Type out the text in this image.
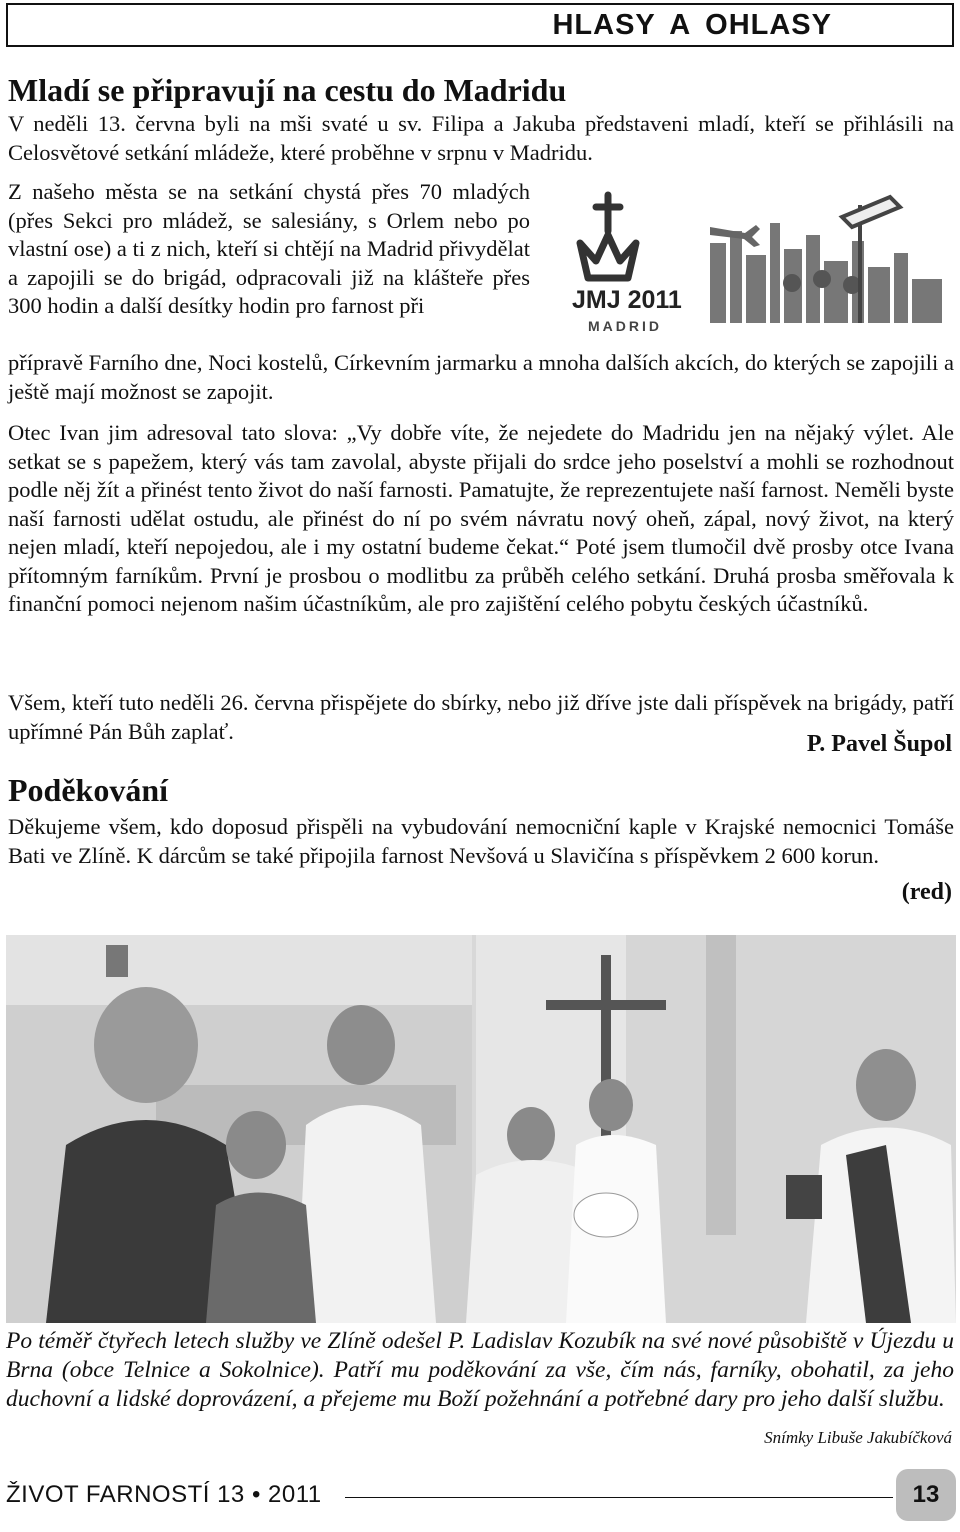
HLASY A OHLASY
Mladí se připravují na cestu do Madridu

V neděli 13. června byli na mši svaté u sv. Filipa a Jakuba představeni mladí, kteří se přihlásili na Celosvětové setkání mládeže, které proběhne v srpnu v Madridu.

Z našeho města se na setkání chystá přes 70 mladých (přes Sekci pro mládež, se salesiány, s Orlem nebo po vlastní ose) a ti z nich, kteří si chtějí na Madrid přivydělat a zapojili se do brigád, odpracovali již na klášteře přes 300 hodin a další desítky hodin pro farnost při	JMJ 2011
MADRID

přípravě Farního dne, Noci kostelů, Církevním jarmarku a mnoha dalších akcích, do kterých se zapojili a ještě mají možnost se zapojit.

Otec Ivan jim adresoval tato slova: „Vy dobře víte, že nejedete do Madridu jen na nějaký výlet. Ale setkat se s papežem, který vás tam zavolal, abyste přijali do srdce jeho poselství a mohli se rozhodnout podle něj žít a přinést tento život do naší farnosti. Pamatujte, že reprezentujete naší farnost. Neměli byste naší farnosti udělat ostudu, ale přinést do ní po svém návratu nový oheň, zápal, nový život, na který nejen mladí, kteří nepojedou, ale i my ostatní budeme čekat.“ Poté jsem tlumočil dvě prosby otce Ivana přítomným farníkům. První je prosbou o modlitbu za průběh celého setkání. Druhá prosba směřovala k finanční pomoci nejenom našim účastníkům, ale pro zajištění celého pobytu českých účastníků.

Všem, kteří tuto neděli 26. června přispějete do sbírky, nebo již dříve jste dali příspěvek na brigády, patří upřímné Pán Bůh zaplať.	P. Pavel Šupol
Poděkování

Děkujeme všem, kdo doposud přispěli na vybudování nemocniční kaple v Krajské nemocnici Tomáše Bati ve Zlíně. K dárcům se také připojila farnost Nevšová u Slavičína s příspěvkem 2 600 korun.

(red)
Po téměř čtyřech letech služby ve Zlíně odešel P. Ladislav Kozubík na své nové působiště v Újezdu u Brna (obce Telnice a Sokolnice). Patří mu poděkování za vše, čím nás, farníky, obohatil, za jeho duchovní a lidské doprovázení, a přejeme mu Boží požehnání a potřebné dary pro jeho další službu.
Snímky Libuše Jakubíčková
ŽIVOT FARNOSTÍ 13 • 2011	13
